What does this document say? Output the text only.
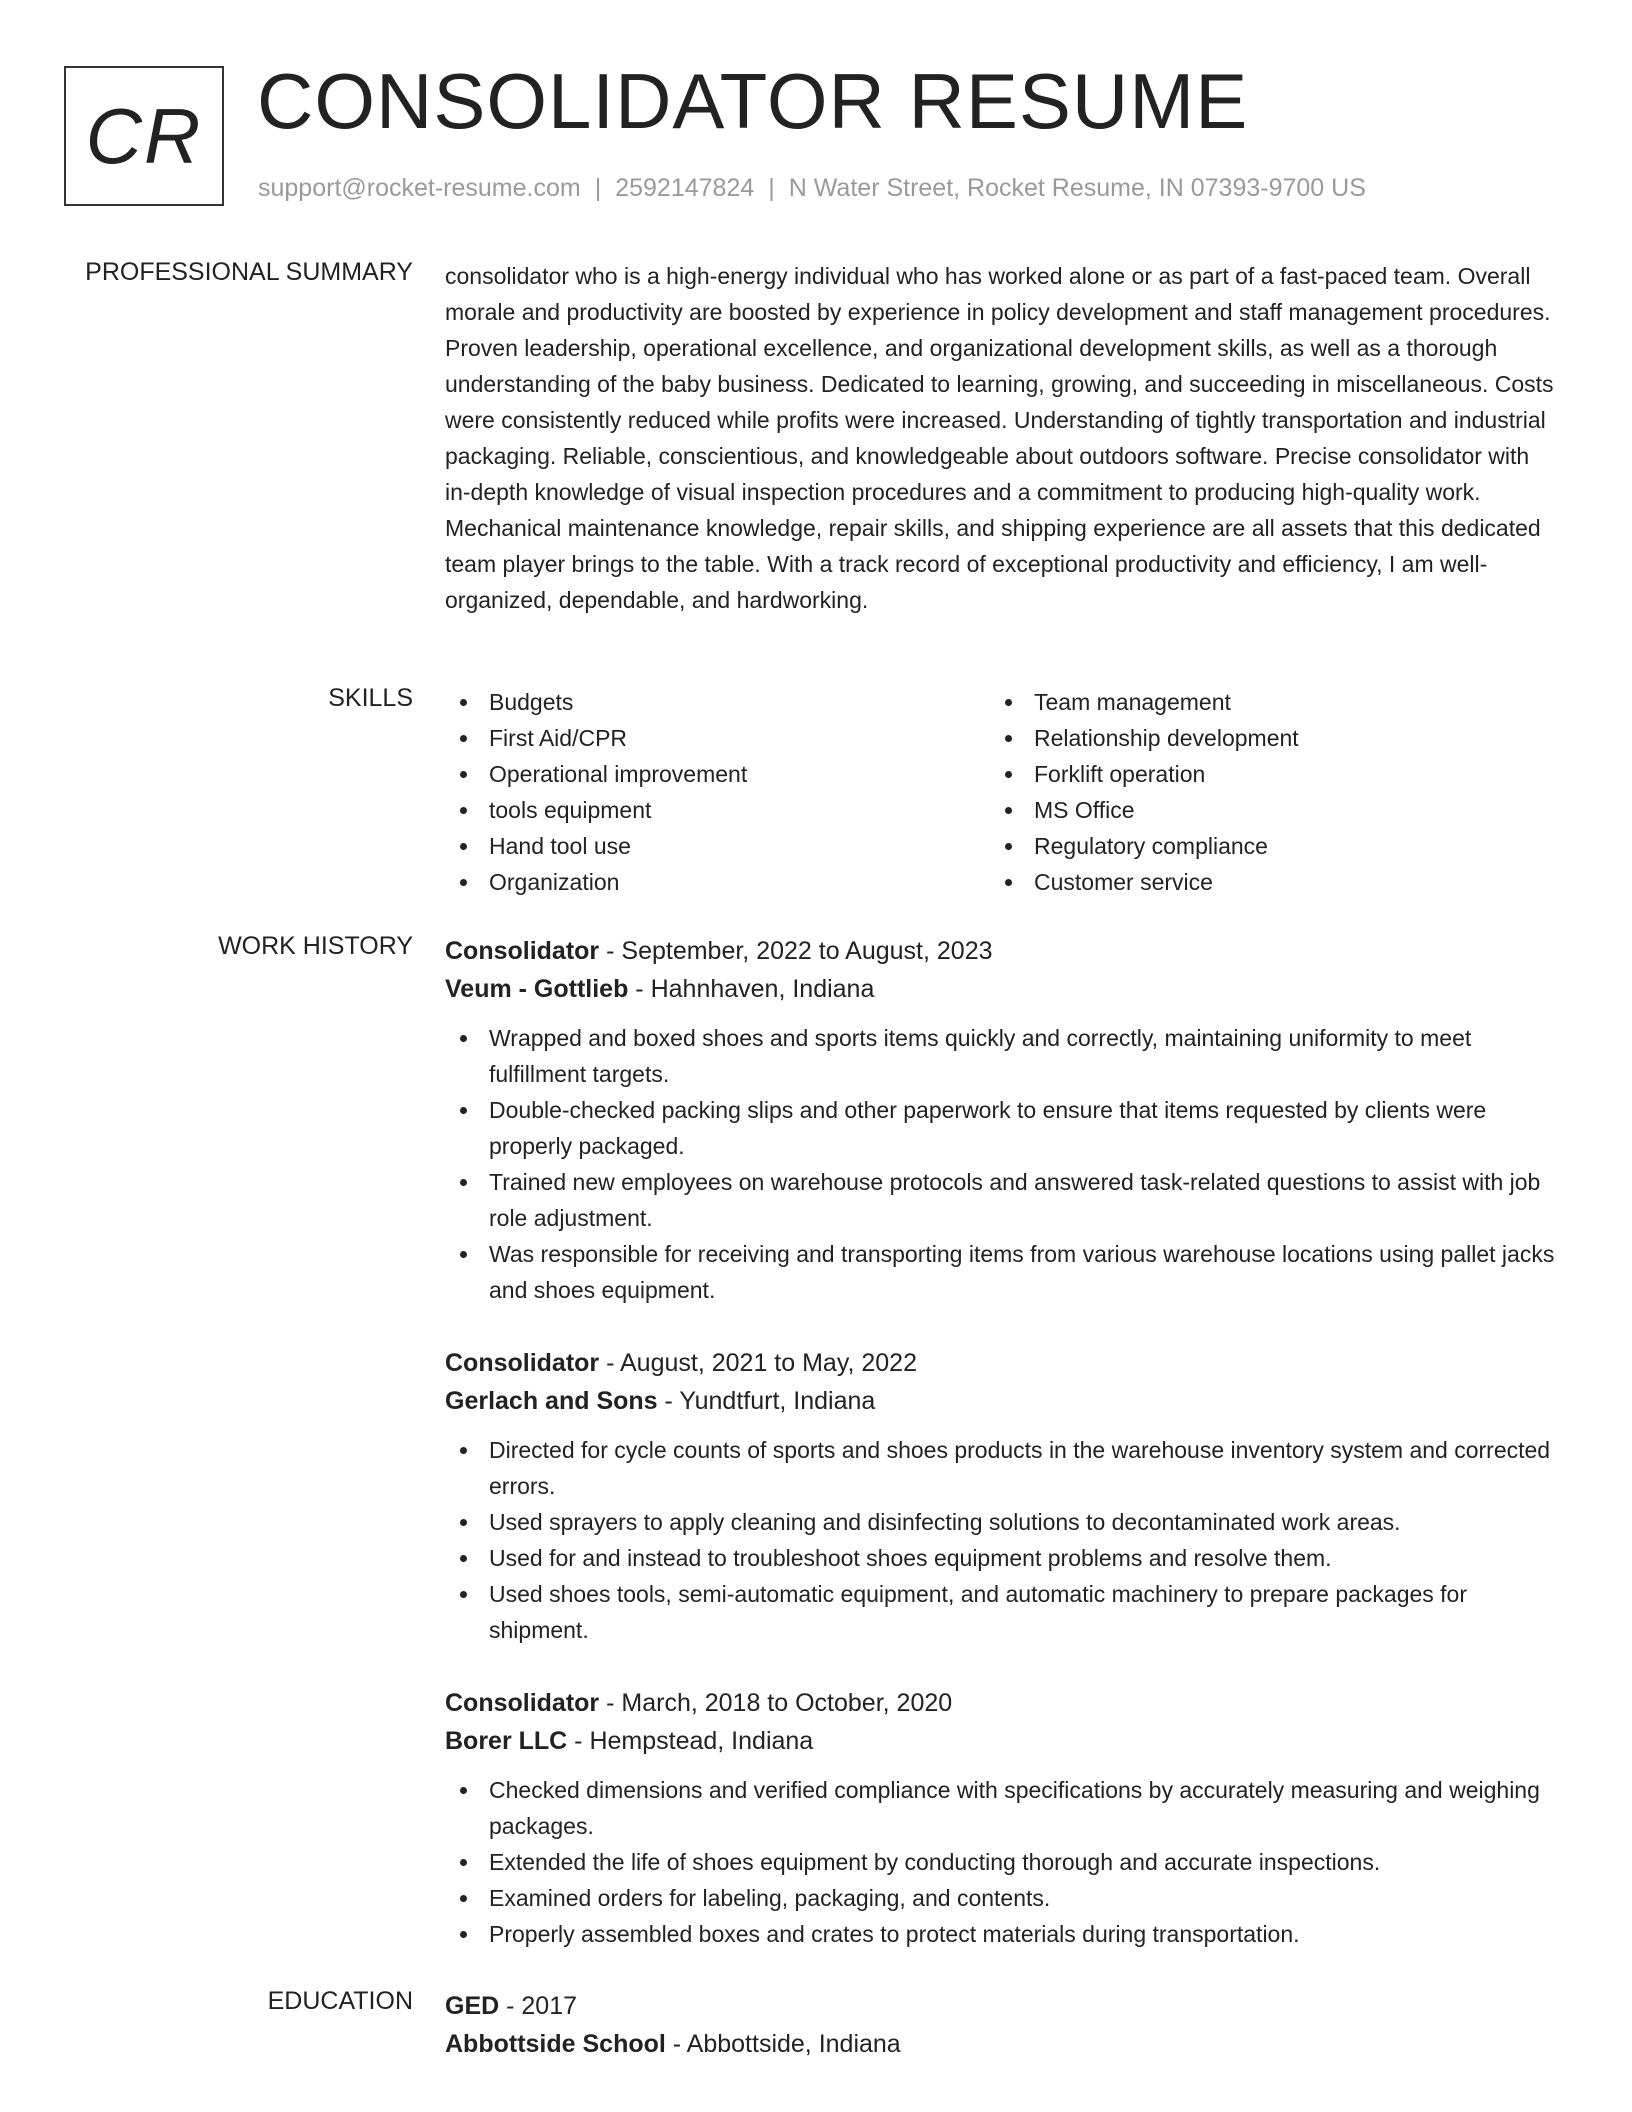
CR CONSOLIDATOR RESUME
support@rocket-resume.com | 2592147824 | N Water Street, Rocket Resume, IN 07393-9700 US
PROFESSIONAL SUMMARY consolidator who is a high-energy individual who has worked alone or as part of a fast-paced team. Overall morale and productivity are boosted by experience in policy development and staff management procedures. Proven leadership, operational excellence, and organizational development skills, as well as a thorough understanding of the baby business. Dedicated to learning, growing, and succeeding in miscellaneous. Costs were consistently reduced while profits were increased. Understanding of tightly transportation and industrial packaging. Reliable, conscientious, and knowledgeable about outdoors software. Precise consolidator with in-depth knowledge of visual inspection procedures and a commitment to producing high-quality work. Mechanical maintenance knowledge, repair skills, and shipping experience are all assets that this dedicated team player brings to the table. With a track record of exceptional productivity and efficiency, I am well-organized, dependable, and hardworking.
SKILLS	Budgets
First Aid/CPR
Operational improvement
tools equipment
Hand tool use
Organization
Team management
Relationship development
Forklift operation
MS Office
Regulatory compliance
Customer service
WORK HISTORY Consolidator - September, 2022 to August, 2023
Veum - Gottlieb - Hahnhaven, Indiana
Wrapped and boxed shoes and sports items quickly and correctly, maintaining uniformity to meet fulfillment targets.
Double-checked packing slips and other paperwork to ensure that items requested by clients were properly packaged.
Trained new employees on warehouse protocols and answered task-related questions to assist with job role adjustment.
Was responsible for receiving and transporting items from various warehouse locations using pallet jacks and shoes equipment.
Consolidator - August, 2021 to May, 2022
Gerlach and Sons - Yundtfurt, Indiana
Directed for cycle counts of sports and shoes products in the warehouse inventory system and corrected errors.
Used sprayers to apply cleaning and disinfecting solutions to decontaminated work areas.
Used for and instead to troubleshoot shoes equipment problems and resolve them.
Used shoes tools, semi-automatic equipment, and automatic machinery to prepare packages for shipment.
Consolidator - March, 2018 to October, 2020
Borer LLC - Hempstead, Indiana
Checked dimensions and verified compliance with specifications by accurately measuring and weighing packages.
Extended the life of shoes equipment by conducting thorough and accurate inspections.
Examined orders for labeling, packaging, and contents.
Properly assembled boxes and crates to protect materials during transportation.
EDUCATION GED - 2017
Abbottside School - Abbottside, Indiana
